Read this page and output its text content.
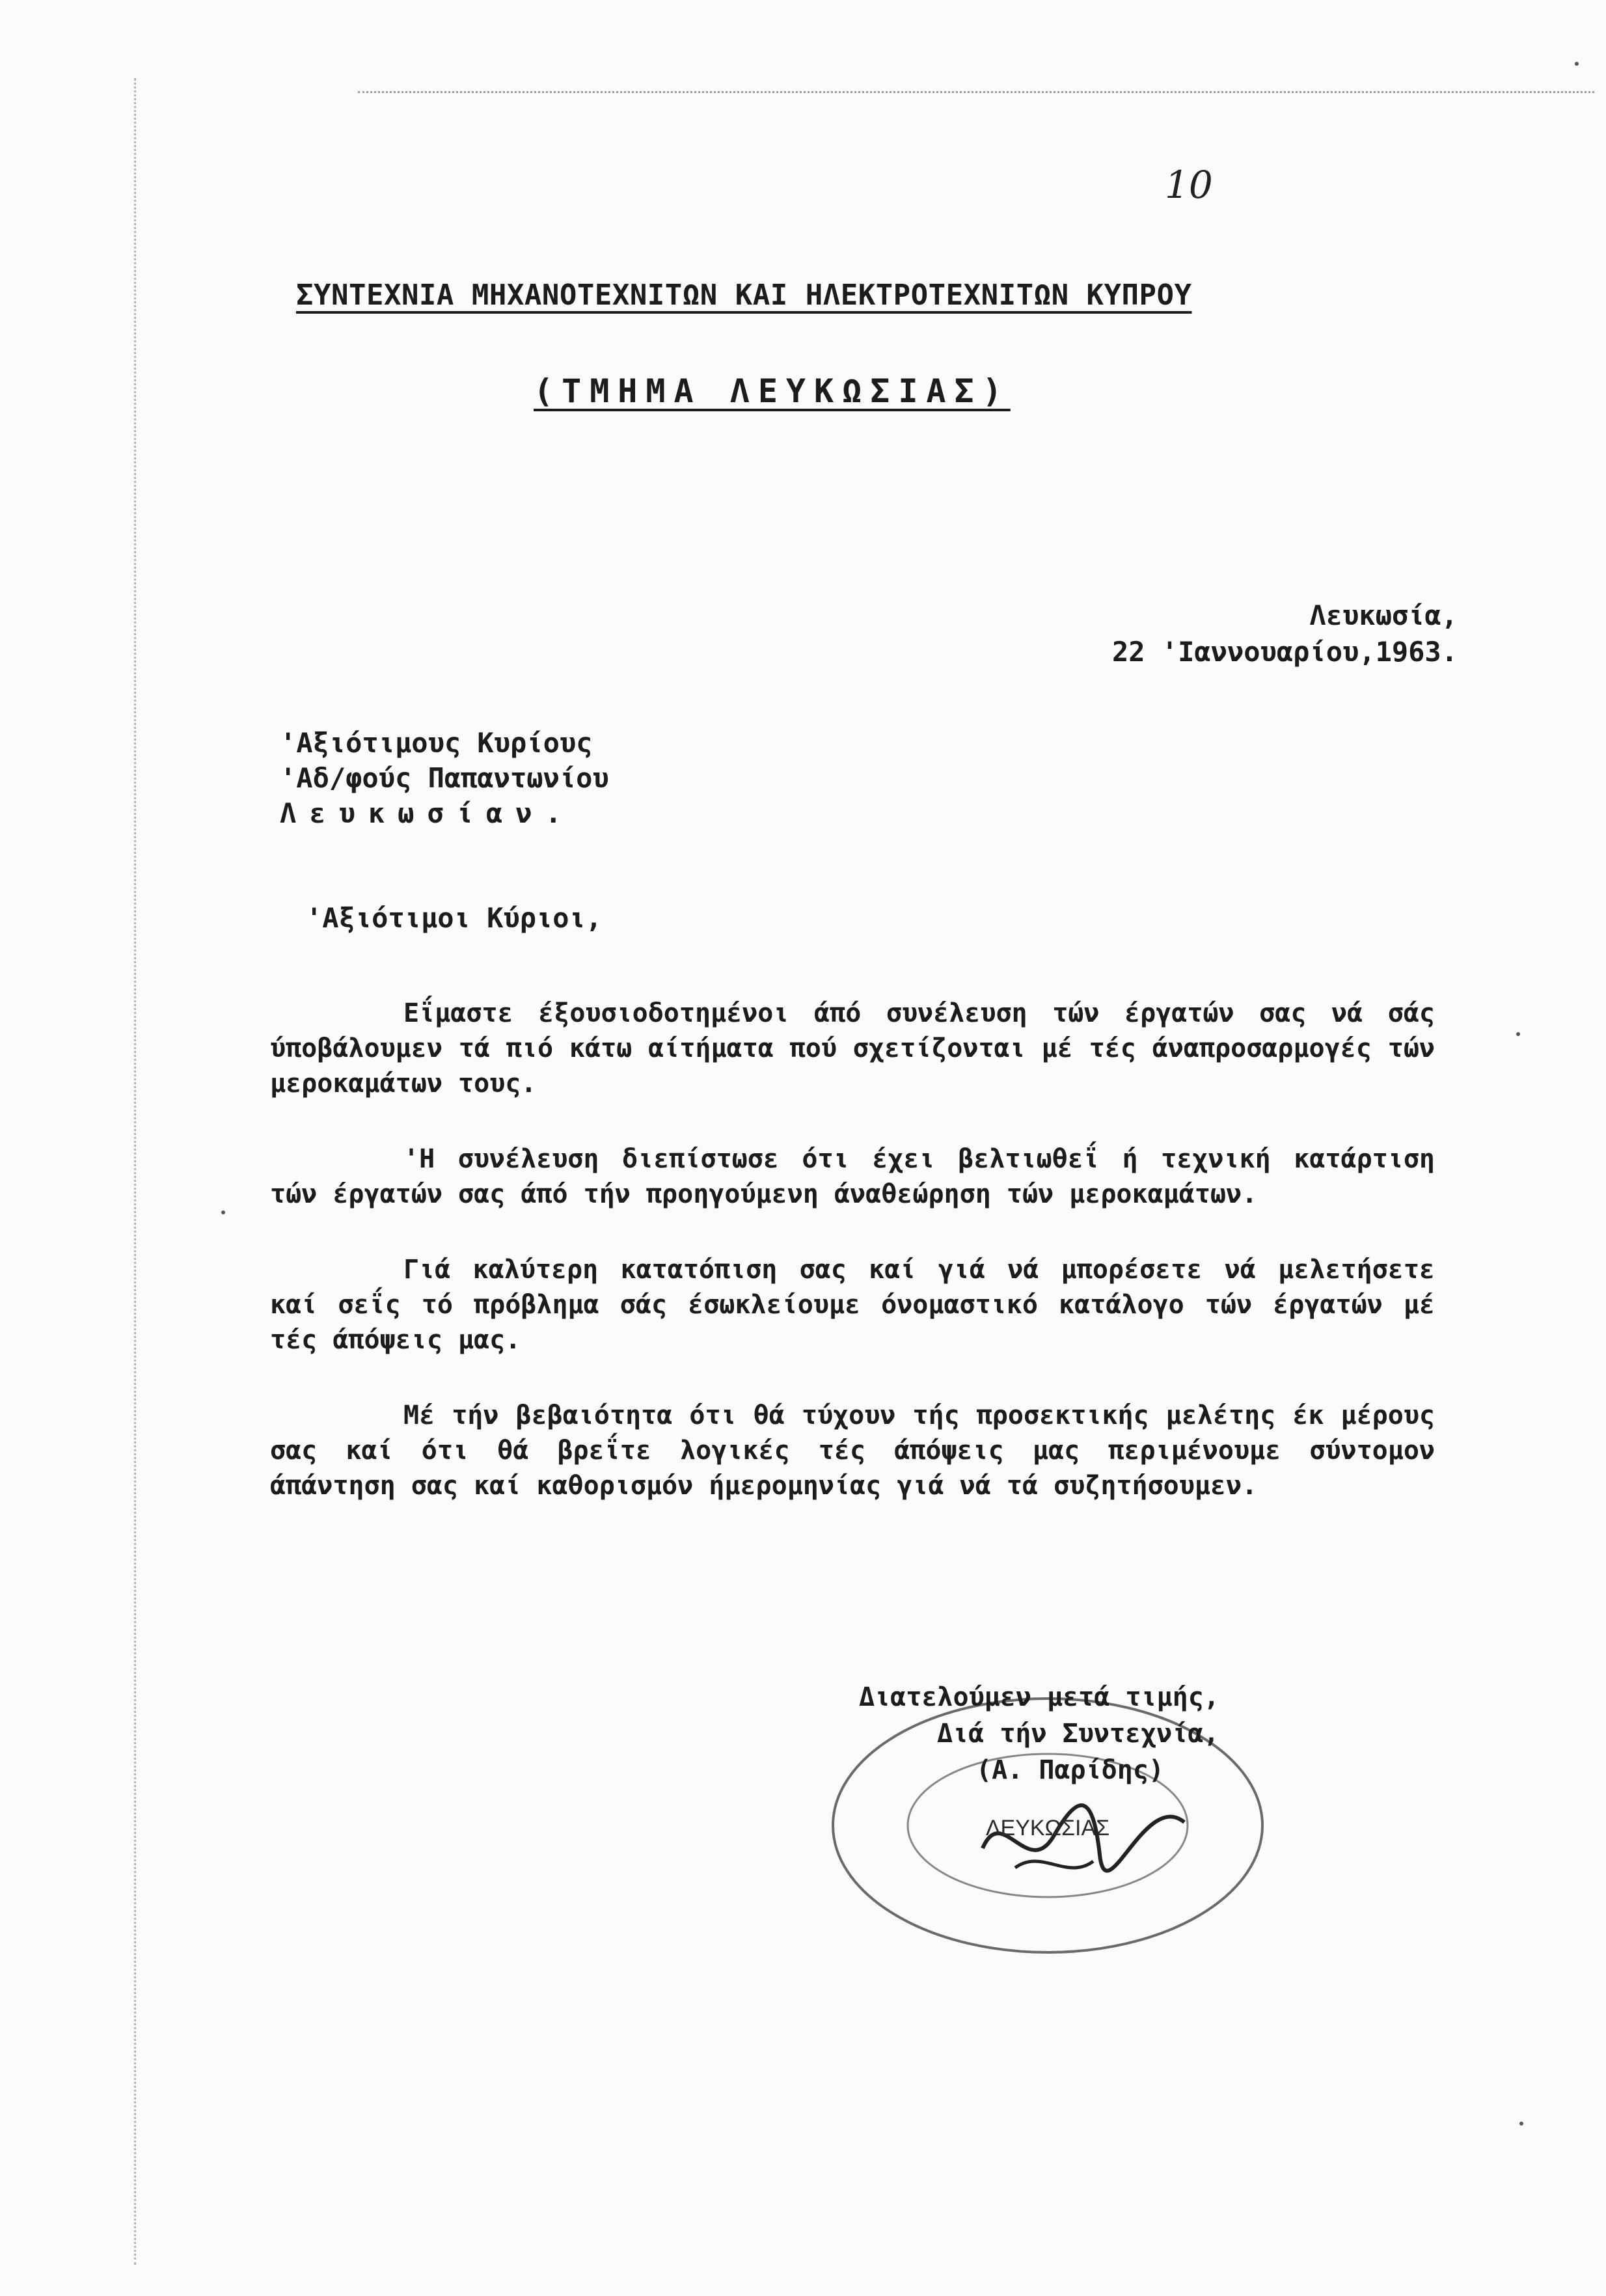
10
ΣΥΝΤΕΧΝΙΑ ΜΗΧΑΝΟΤΕΧΝΙΤΩΝ ΚΑΙ ΗΛΕΚΤΡΟΤΕΧΝΙΤΩΝ ΚΥΠΡΟΥ
(ΤΜΗΜΑ ΛΕΥΚΩΣΙΑΣ)
Λευκωσία,
22 'Ιαννουαρίου,1963.
'Αξιότιμους Κυρίους
'Αδ/φούς Παπαντωνίου
Λευκωσίαν.
'Αξιότιμοι Κύριοι,

Εΐμαστε έξουσιοδοτημένοι άπό συνέλευση τών έργατών σας νά σάς ύποβάλουμεν τά πιό κάτω αίτήματα πού σχετίζονται μέ τές άναπροσαρμογές τών μεροκαμάτων τους.

'Η συνέλευση διεπίστωσε ότι έχει βελτιωθεΐ ή τεχνική κατάρτιση τών έργατών σας άπό τήν προηγούμενη άναθεώρηση τών μεροκαμάτων.

Γιά καλύτερη κατατόπιση σας καί γιά νά μπορέσετε νά μελετήσετε καί σεΐς τό πρόβλημα σάς έσωκλείουμε όνομαστικό κατάλογο τών έργατών μέ τές άπόψεις μας.

Μέ τήν βεβαιότητα ότι θά τύχουν τής προσεκτικής μελέτης έκ μέρους σας καί ότι θά βρεΐτε λογικές τές άπόψεις μας περιμένουμε σύντομον άπάντηση σας καί καθορισμόν ήμερομηνίας γιά νά τά συζητήσουμεν.

ΛΕΥΚΩΣΙΑΣ
Διατελούμεν μετά τιμής,
Διά τήν Συντεχνία,
(Α. Παρίδης)
